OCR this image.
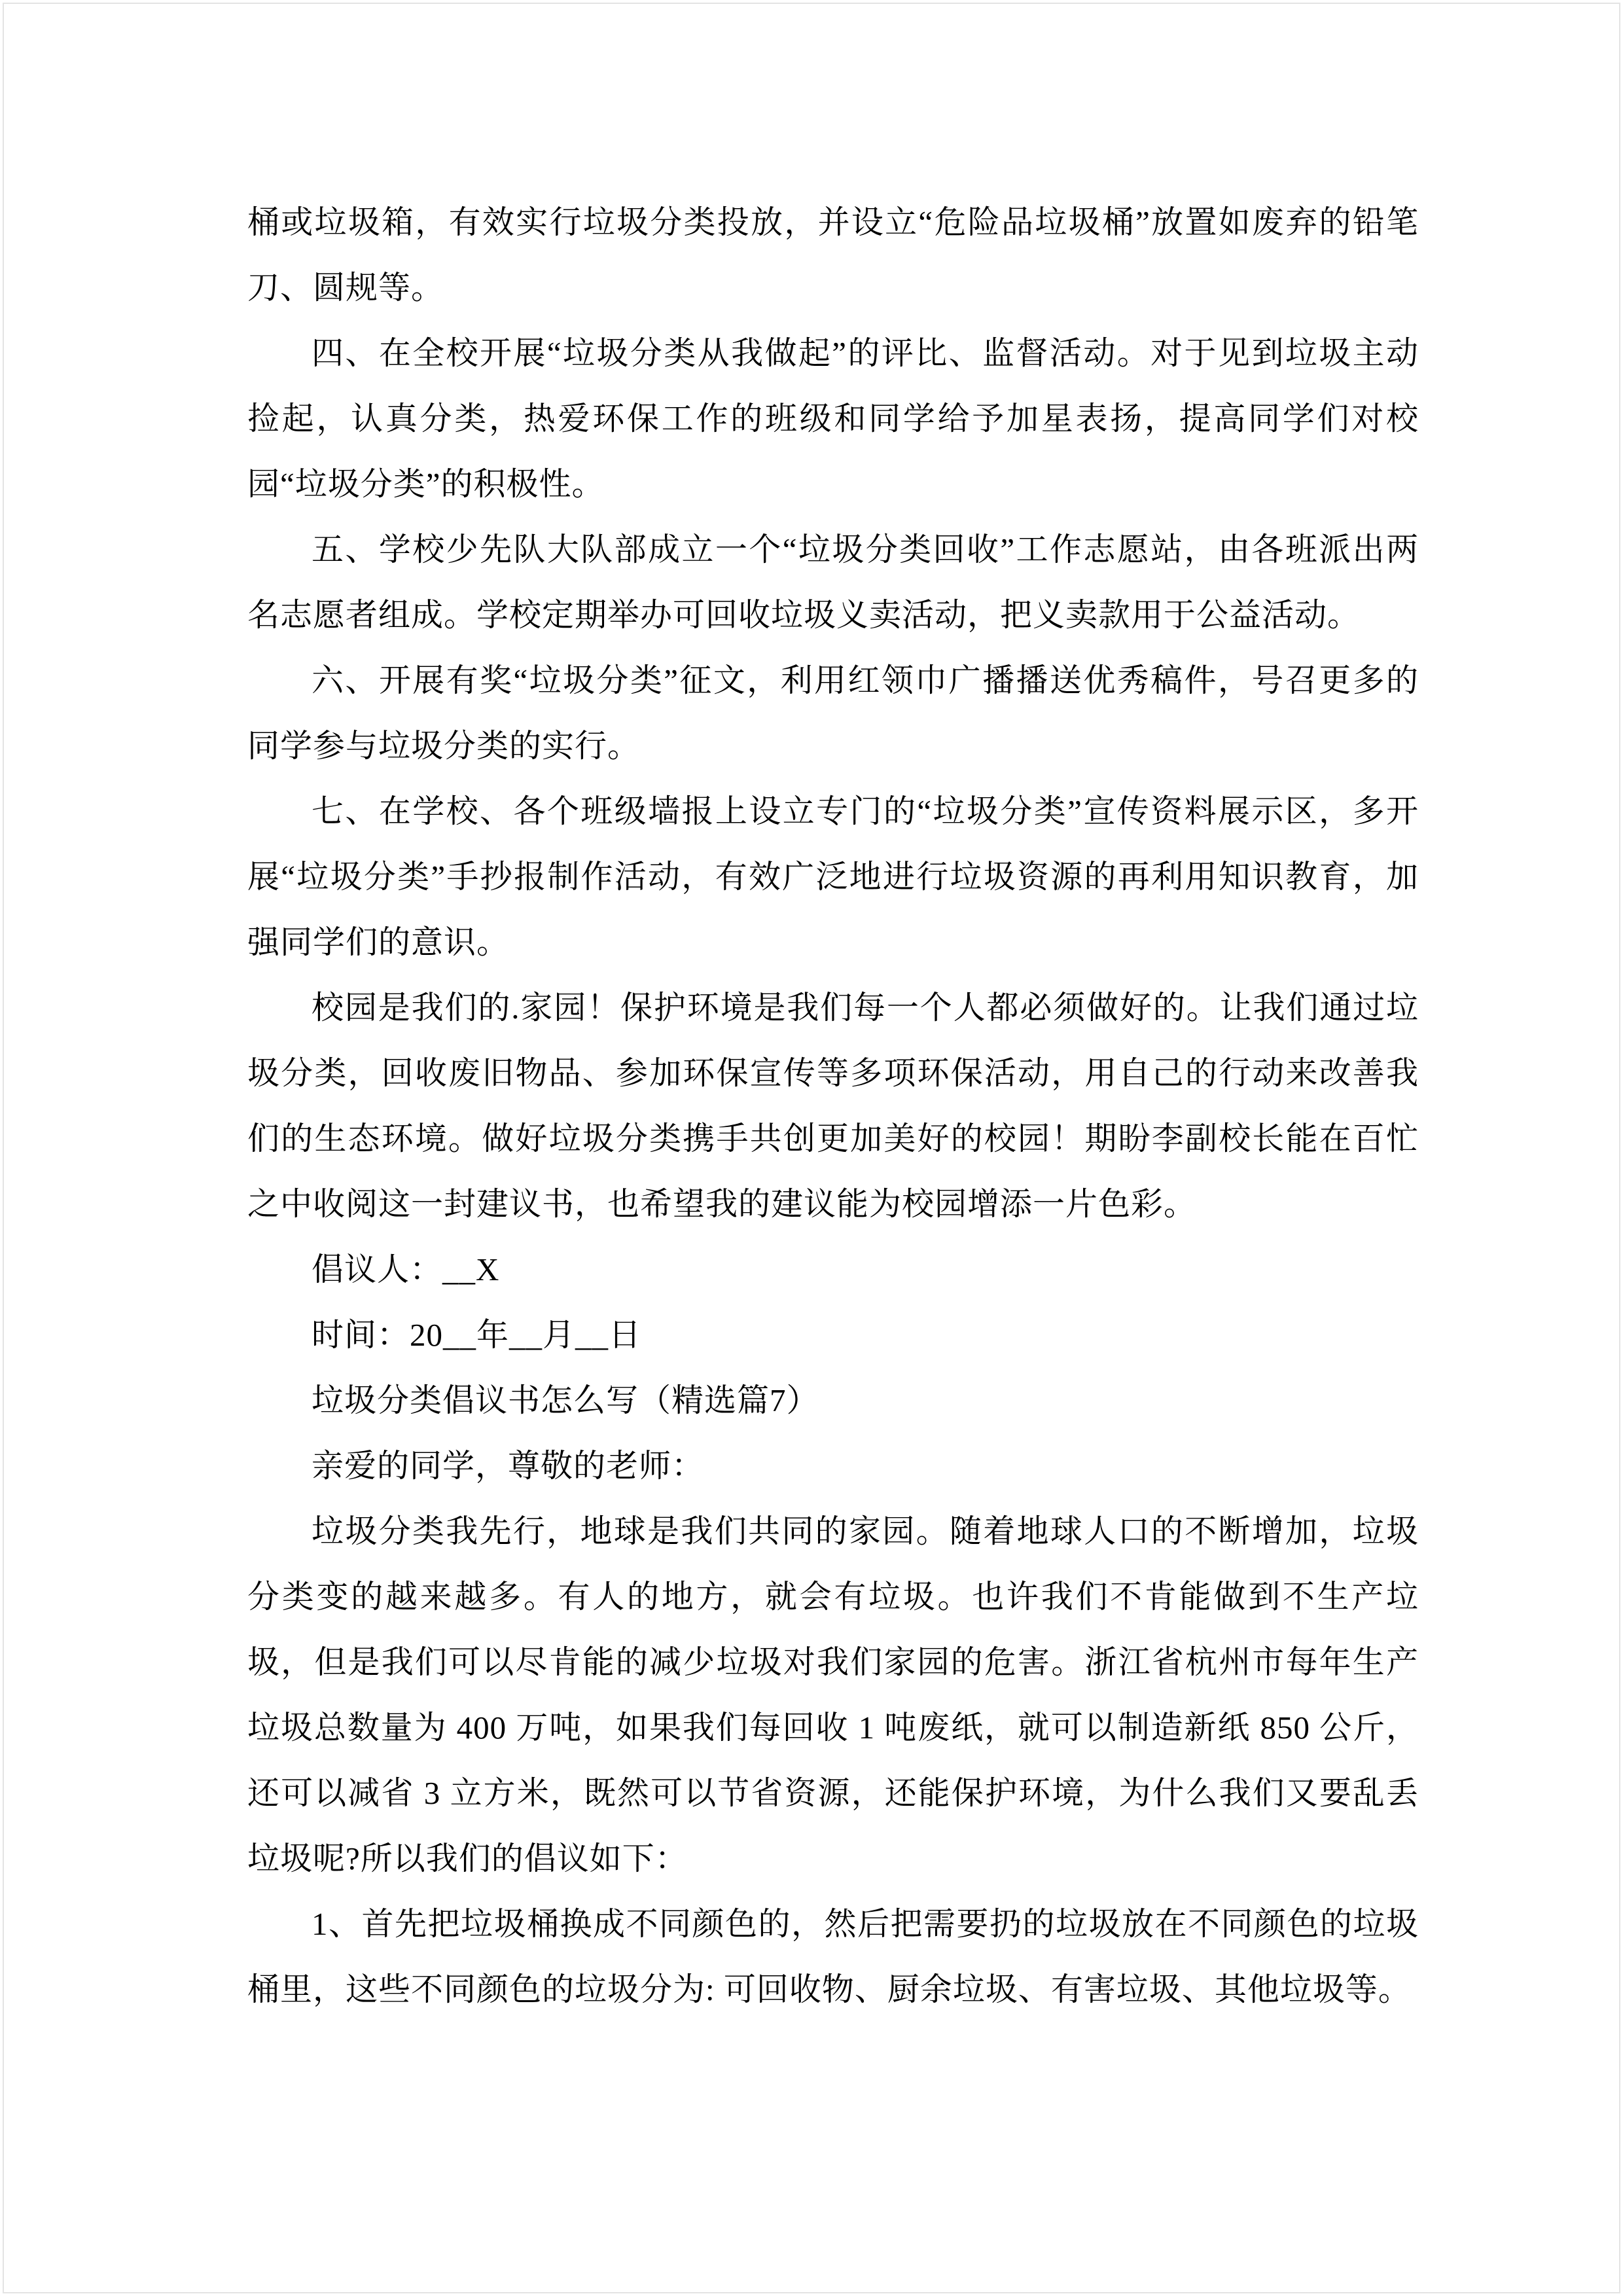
桶或垃圾箱，有效实行垃圾分类投放，并设立“危险品垃圾桶”放置如废弃的铅笔刀、圆规等。

四、在全校开展“垃圾分类从我做起”的评比、监督活动。对于见到垃圾主动捡起，认真分类，热爱环保工作的班级和同学给予加星表扬，提高同学们对校园“垃圾分类”的积极性。

五、学校少先队大队部成立一个“垃圾分类回收”工作志愿站，由各班派出两名志愿者组成。学校定期举办可回收垃圾义卖活动，把义卖款用于公益活动。

六、开展有奖“垃圾分类”征文，利用红领巾广播播送优秀稿件，号召更多的同学参与垃圾分类的实行。

七、在学校、各个班级墙报上设立专门的“垃圾分类”宣传资料展示区，多开展“垃圾分类”手抄报制作活动，有效广泛地进行垃圾资源的再利用知识教育，加强同学们的意识。

校园是我们的.家园！保护环境是我们每一个人都必须做好的。让我们通过垃圾分类，回收废旧物品、参加环保宣传等多项环保活动，用自己的行动来改善我们的生态环境。做好垃圾分类携手共创更加美好的校园！期盼李副校长能在百忙之中收阅这一封建议书，也希望我的建议能为校园增添一片色彩。

倡议人：__X

时间：20__年__月__日

垃圾分类倡议书怎么写（精选篇7）

亲爱的同学，尊敬的老师：

垃圾分类我先行，地球是我们共同的家园。随着地球人口的不断增加，垃圾分类变的越来越多。有人的地方，就会有垃圾。也许我们不肯能做到不生产垃圾，但是我们可以尽肯能的减少垃圾对我们家园的危害。浙江省杭州市每年生产垃圾总数量为 400 万吨，如果我们每回收 1 吨废纸，就可以制造新纸 850 公斤，还可以减省 3 立方米，既然可以节省资源，还能保护环境，为什么我们又要乱丢垃圾呢?所以我们的倡议如下：

1、首先把垃圾桶换成不同颜色的，然后把需要扔的垃圾放在不同颜色的垃圾桶里，这些不同颜色的垃圾分为: 可回收物、厨余垃圾、有害垃圾、其他垃圾等。
